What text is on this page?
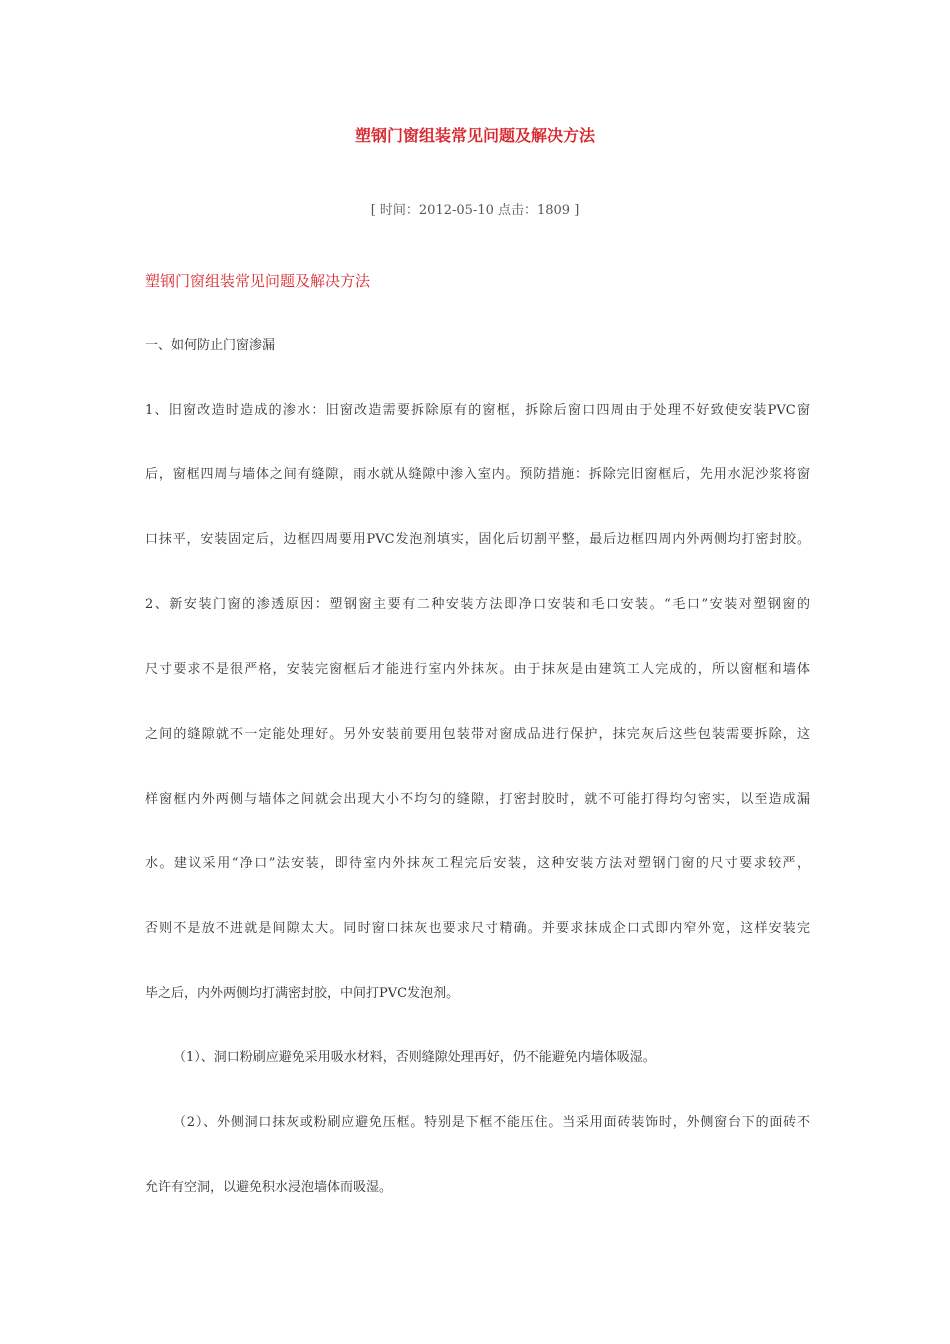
塑钢门窗组装常见问题及解决方法
[ 时间：2012-05-10 点击：1809 ]
塑钢门窗组装常见问题及解决方法
一、如何防止门窗渗漏
1、旧窗改造时造成的渗水：旧窗改造需要拆除原有的窗框，拆除后窗口四周由于处理不好致使安装PVC窗
后，窗框四周与墙体之间有缝隙，雨水就从缝隙中渗入室内。预防措施：拆除完旧窗框后，先用水泥沙浆将窗
口抹平，安装固定后，边框四周要用PVC发泡剂填实，固化后切割平整，最后边框四周内外两侧均打密封胶。
2、新安装门窗的渗透原因：塑钢窗主要有二种安装方法即净口安装和毛口安装。“毛口”安装对塑钢窗的
尺寸要求不是很严格，安装完窗框后才能进行室内外抹灰。由于抹灰是由建筑工人完成的，所以窗框和墙体
之间的缝隙就不一定能处理好。另外安装前要用包装带对窗成品进行保护，抹完灰后这些包装需要拆除，这
样窗框内外两侧与墙体之间就会出现大小不均匀的缝隙，打密封胶时，就不可能打得均匀密实，以至造成漏
水。建议采用“净口”法安装，即待室内外抹灰工程完后安装，这种安装方法对塑钢门窗的尺寸要求较严，
否则不是放不进就是间隙太大。同时窗口抹灰也要求尺寸精确。并要求抹成企口式即内窄外宽，这样安装完
毕之后，内外两侧均打满密封胶，中间打PVC发泡剂。
（1）、洞口粉刷应避免采用吸水材料，否则缝隙处理再好，仍不能避免内墙体吸湿。
（2）、外侧洞口抹灰或粉刷应避免压框。特别是下框不能压住。当采用面砖装饰时，外侧窗台下的面砖不
允许有空洞，以避免积水浸泡墙体而吸湿。
